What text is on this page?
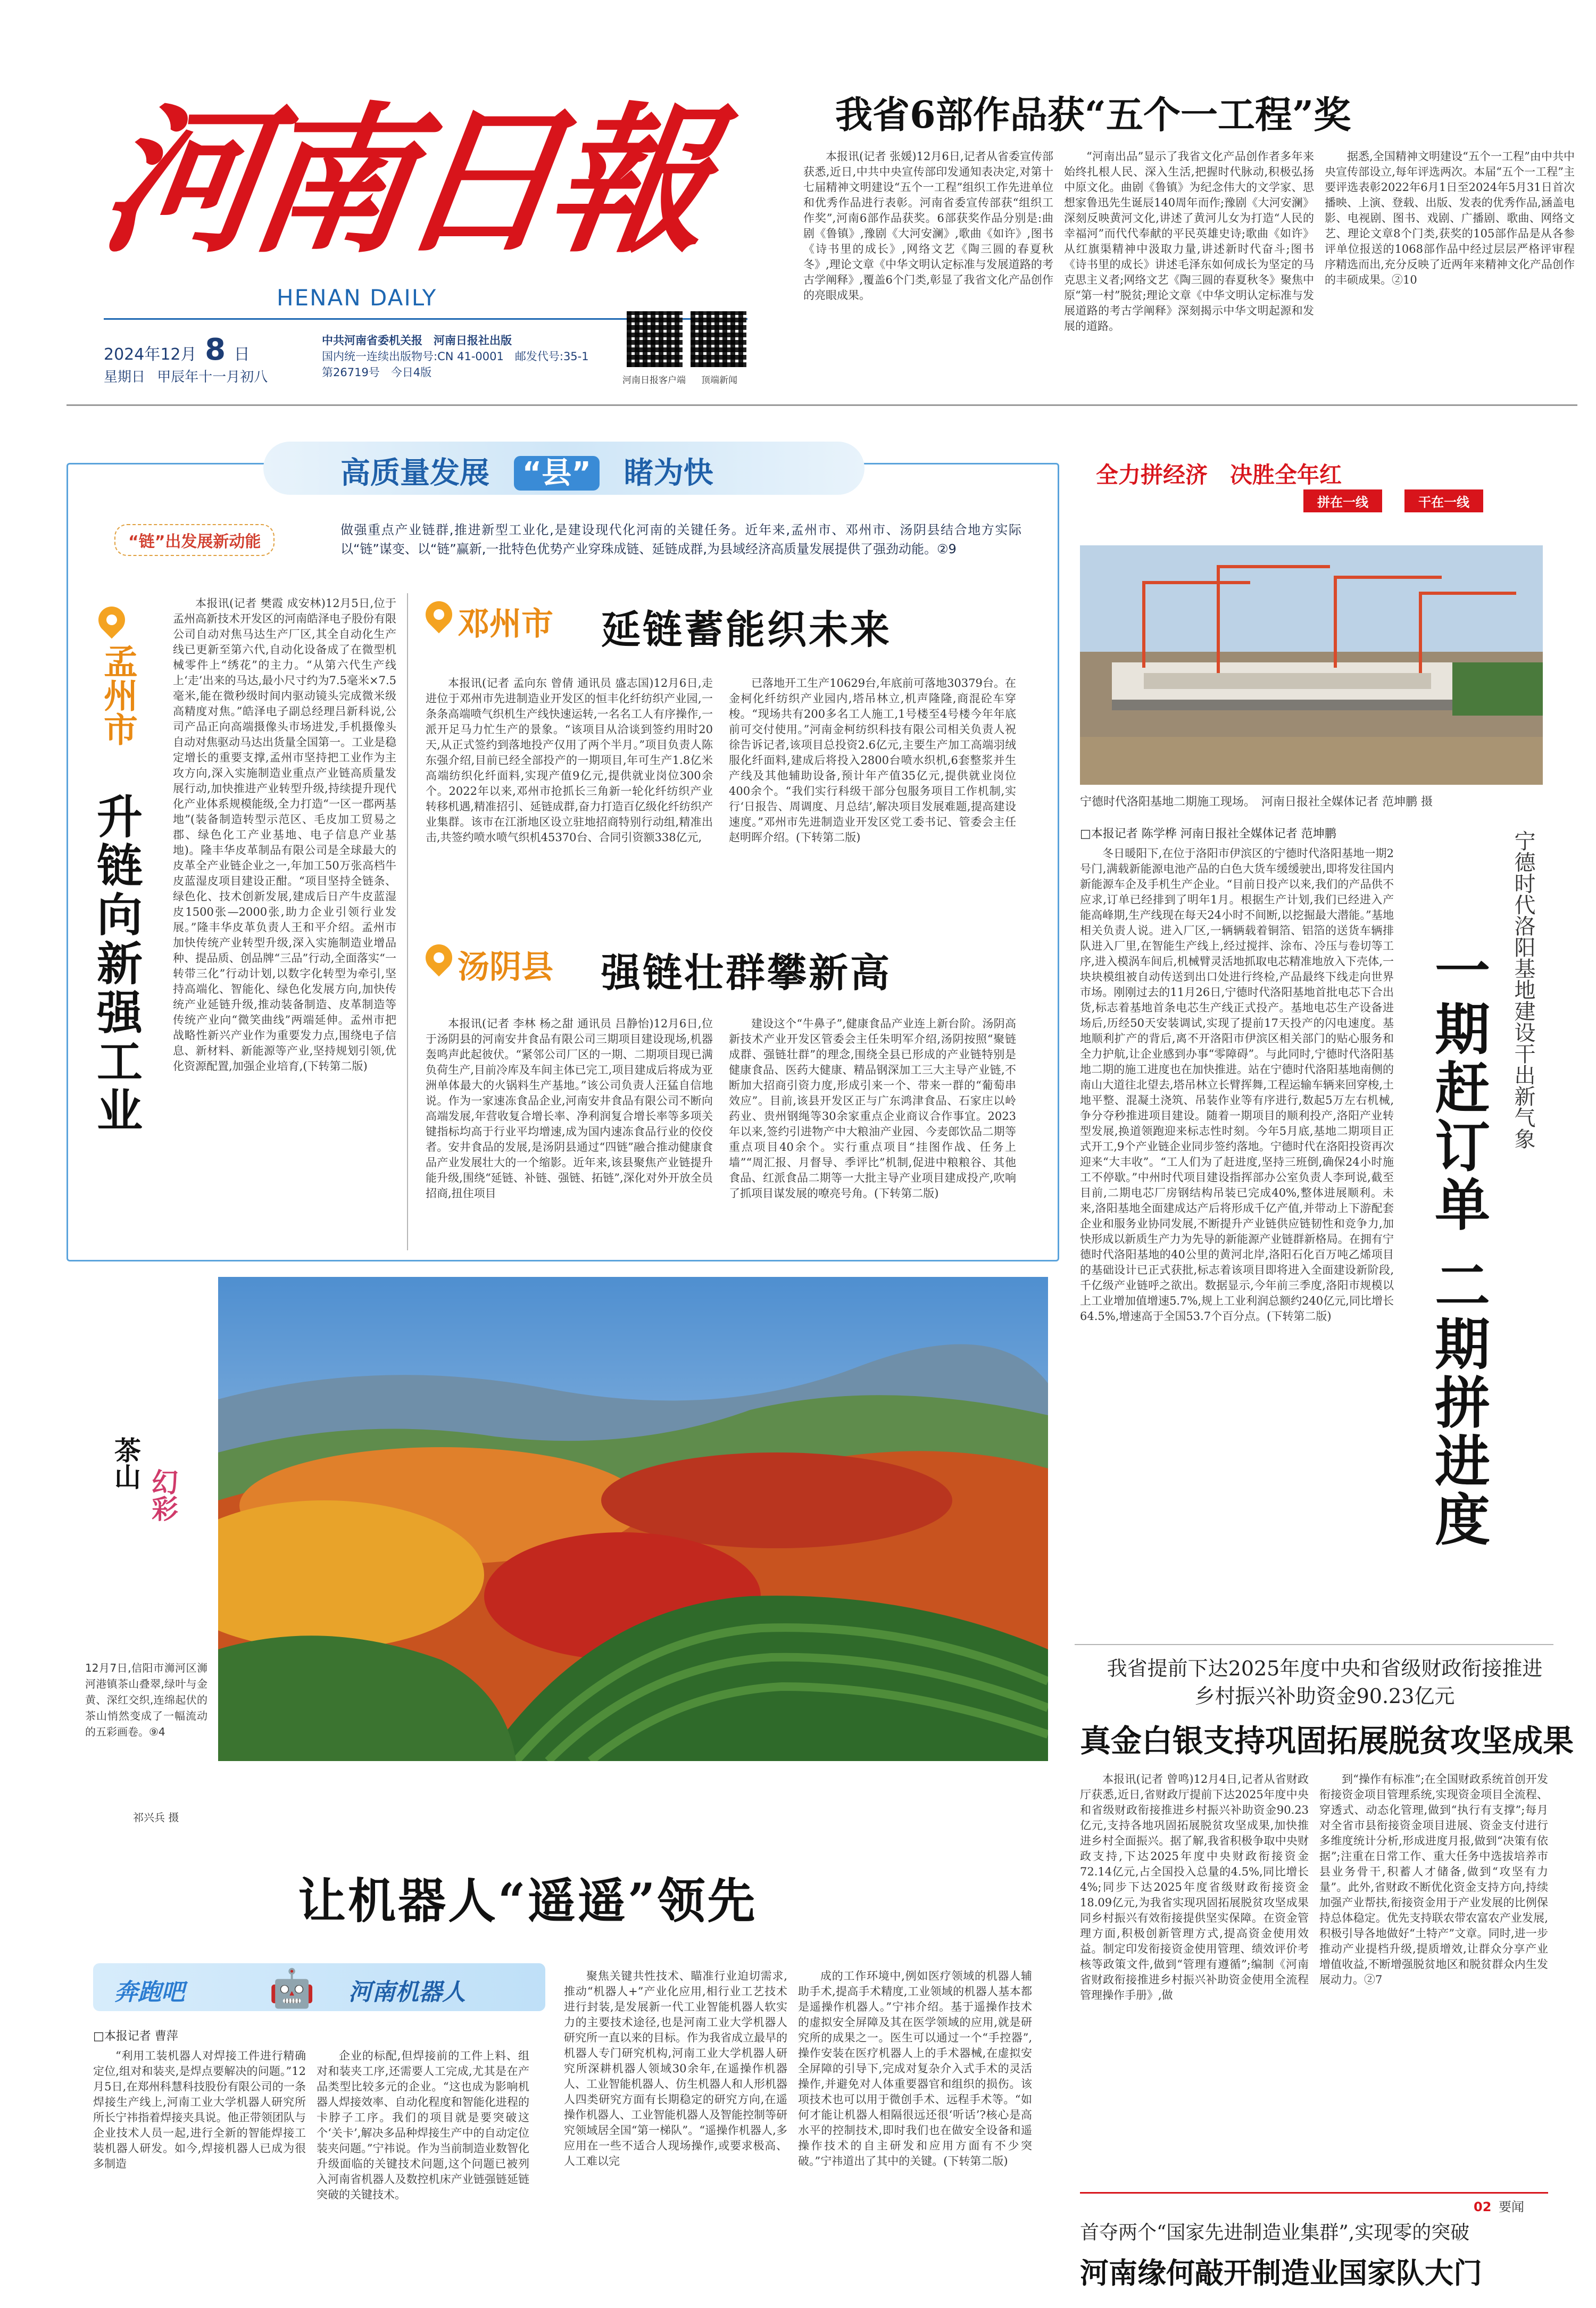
河南日報
HENAN DAILY
2024年12月 8 日
星期日 甲辰年十一月初八
中共河南省委机关报　河南日报社出版
国内统一连续出版物号:CN 41-0001　邮发代号:35-1
第26719号　今日4版
河南日报客户端 顶端新闻
我省6部作品获“五个一工程”奖

本报讯(记者 张媛)12月6日,记者从省委宣传部获悉,近日,中共中央宣传部印发通知表决定,对第十七届精神文明建设“五个一工程”组织工作先进单位和优秀作品进行表彰。河南省委宣传部获“组织工作奖”,河南6部作品获奖。6部获奖作品分别是:曲剧《鲁镇》,豫剧《大河安澜》,歌曲《如许》,图书《诗书里的成长》,网络文艺《陶三圆的春夏秋冬》,理论文章《中华文明认定标准与发展道路的考古学阐释》,覆盖6个门类,彰显了我省文化产品创作的亮眼成果。

“河南出品”显示了我省文化产品创作者多年来始终扎根人民、深入生活,把握时代脉动,积极弘扬中原文化。曲剧《鲁镇》为纪念伟大的文学家、思想家鲁迅先生诞辰140周年而作;豫剧《大河安澜》深刻反映黄河文化,讲述了黄河儿女为打造“人民的幸福河”而代代奉献的平民英雄史诗;歌曲《如许》从红旗渠精神中汲取力量,讲述新时代奋斗;图书《诗书里的成长》讲述毛泽东如何成长为坚定的马克思主义者;网络文艺《陶三圆的春夏秋冬》聚焦中原“第一村”脱贫;理论文章《中华文明认定标准与发展道路的考古学阐释》深刻揭示中华文明起源和发展的道路。

据悉,全国精神文明建设“五个一工程”由中共中央宣传部设立,每年评选两次。本届“五个一工程”主要评选表彰2022年6月1日至2024年5月31日首次播映、上演、登载、出版、发表的优秀作品,涵盖电影、电视剧、图书、戏剧、广播剧、歌曲、网络文艺、理论文章8个门类,获奖的105部作品是从各参评单位报送的1068部作品中经过层层严格评审程序精选而出,充分反映了近两年来精神文化产品创作的丰硕成果。②10

高质量发展 “县” 睹为快
“链”出发展新动能
做强重点产业链群,推进新型工业化,是建设现代化河南的关键任务。近年来,孟州市、邓州市、汤阴县结合地方实际以“链”谋变、以“链”赢新,一批特色优势产业穿珠成链、延链成群,为县域经济高质量发展提供了强劲动能。②9
孟州市
升链向新强工业

本报讯(记者 樊霞 成安林)12月5日,位于孟州高新技术开发区的河南皓泽电子股份有限公司自动对焦马达生产厂区,其全自动化生产线已更新至第六代,自动化设备成了在微型机械零件上“绣花”的主力。“从第六代生产线上‘走’出来的马达,最小尺寸约为7.5毫米×7.5毫米,能在微秒级时间内驱动镜头完成微米级高精度对焦。”皓泽电子副总经理吕新科说,公司产品正向高端摄像头市场进发,手机摄像头自动对焦驱动马达出货量全国第一。工业是稳定增长的重要支撑,孟州市坚持把工业作为主攻方向,深入实施制造业重点产业链高质量发展行动,加快推进产业转型升级,持续提升现代化产业体系规模能级,全力打造“一区一郡两基地”(装备制造转型示范区、毛皮加工贸易之郡、绿色化工产业基地、电子信息产业基地)。隆丰华皮革制品有限公司是全球最大的皮革全产业链企业之一,年加工50万张高档牛皮蓝湿皮项目建设正酣。“项目坚持全链条、绿色化、技术创新发展,建成后日产牛皮蓝湿皮1500张—2000张,助力企业引领行业发展。”隆丰华皮革负责人王和平介绍。孟州市加快传统产业转型升级,深入实施制造业增品种、提品质、创品牌“三品”行动,全面落实“一转带三化”行动计划,以数字化转型为牵引,坚持高端化、智能化、绿色化发展方向,加快传统产业延链升级,推动装备制造、皮革制造等传统产业向“微笑曲线”两端延伸。孟州市把战略性新兴产业作为重要发力点,围绕电子信息、新材料、新能源等产业,坚持规划引领,优化资源配置,加强企业培育,(下转第二版)

邓州市 延链蓄能织未来

本报讯(记者 孟向东 曾倩 通讯员 盛志国)12月6日,走进位于邓州市先进制造业开发区的恒丰化纤纺织产业园,一条条高端喷气织机生产线快速运转,一名名工人有序操作,一派开足马力忙生产的景象。“该项目从洽谈到签约用时20天,从正式签约到落地投产仅用了两个半月。”项目负责人陈东强介绍,目前已经全部投产的一期项目,年可生产1.8亿米高端纺织化纤面料,实现产值9亿元,提供就业岗位300余个。2022年以来,邓州市抢抓长三角新一轮化纤纺织产业转移机遇,精准招引、延链成群,奋力打造百亿级化纤纺织产业集群。该市在江浙地区设立驻地招商特别行动组,精准出击,共签约喷水喷气织机45370台、合同引资额338亿元,

已落地开工生产10629台,年底前可落地30379台。在金柯化纤纺织产业园内,塔吊林立,机声隆隆,商混砼车穿梭。“现场共有200多名工人施工,1号楼至4号楼今年年底前可交付使用。”河南金柯纺织科技有限公司相关负责人祝徐告诉记者,该项目总投资2.6亿元,主要生产加工高端羽绒服化纤面料,建成后将投入2800台喷水织机,6套整浆并生产线及其他辅助设备,预计年产值35亿元,提供就业岗位400余个。“我们实行科级干部分包服务项目工作机制,实行‘日报告、周调度、月总结’,解决项目发展难题,提高建设速度。”邓州市先进制造业开发区党工委书记、管委会主任赵明晖介绍。(下转第二版)

汤阴县 强链壮群攀新高

本报讯(记者 李林 杨之甜 通讯员 吕静怡)12月6日,位于汤阴县的河南安井食品有限公司三期项目建设现场,机器轰鸣声此起彼伏。“紧邻公司厂区的一期、二期项目现已满负荷生产,目前冷库及车间主体已完工,项目建成后将成为亚洲单体最大的火锅料生产基地。”该公司负责人汪猛自信地说。作为一家速冻食品企业,河南安井食品有限公司不断向高端发展,年营收复合增长率、净利润复合增长率等多项关键指标均高于行业平均增速,成为国内速冻食品行业的佼佼者。安井食品的发展,是汤阴县通过“四链”融合推动健康食品产业发展壮大的一个缩影。近年来,该县聚焦产业链提升能升级,围绕“延链、补链、强链、拓链”,深化对外开放全员招商,扭住项目

建设这个“牛鼻子”,健康食品产业连上新台阶。汤阴高新技术产业开发区管委会主任朱明军介绍,汤阴按照“聚链成群、强链壮群”的理念,围绕全县已形成的产业链特别是健康食品、医药大健康、精品钢深加工三大主导产业链,不断加大招商引资力度,形成引来一个、带来一群的“葡萄串效应”。目前,该县开发区正与广东鸿津食品、石家庄以岭药业、贵州钢绳等30余家重点企业商议合作事宜。2023年以来,签约引进物产中大粮油产业园、今麦郎饮品二期等重点项目40余个。实行重点项目“挂图作战、任务上墙”“周汇报、月督导、季评比”机制,促进中粮粮谷、其他食品、红派食品二期等一大批主导产业项目建成投产,吹响了抓项目谋发展的嘹亮号角。(下转第二版)

茶山
幻彩
12月7日,信阳市浉河区浉河港镇茶山叠翠,绿叶与金黄、深红交织,连绵起伏的茶山悄然变成了一幅流动的五彩画卷。⑨4
祁兴兵 摄
让机器人“遥遥”领先
奔跑吧 🤖 河南机器人
□本报记者 曹萍

“利用工装机器人对焊接工件进行精确定位,组对和装夹,是焊点要解决的问题。”12月5日,在郑州科慧科技股份有限公司的一条焊接生产线上,河南工业大学机器人研究所所长宁祎指着焊接夹具说。他正带领团队与企业技术人员一起,进行全新的智能焊接工装机器人研发。如今,焊接机器人已成为很多制造

企业的标配,但焊接前的工件上料、组对和装夹工序,还需要人工完成,尤其是在产品类型比较多元的企业。“这也成为影响机器人焊接效率、自动化程度和智能化进程的卡脖子工序。我们的项目就是要突破这个‘关卡’,解决多品种焊接生产中的自动定位装夹问题。”宁祎说。作为当前制造业数智化升级面临的关键技术问题,这个问题已被列入河南省机器人及数控机床产业链强链延链突破的关键技术。

聚焦关键共性技术、瞄准行业迫切需求,推动“机器人+”产业化应用,相行业工艺技术进行封装,是发展新一代工业智能机器人软实力的主要技术途径,也是河南工业大学机器人研究所一直以来的目标。作为我省成立最早的机器人专门研究机构,河南工业大学机器人研究所深耕机器人领域30余年,在遥操作机器人、工业智能机器人、仿生机器人和人形机器人四类研究方面有长期稳定的研究方向,在遥操作机器人、工业智能机器人及智能控制等研究领域居全国“第一梯队”。“遥操作机器人,多应用在一些不适合人现场操作,或要求极高、人工难以完

成的工作环境中,例如医疗领域的机器人辅助手术,提高手术精度,工业领域的机器人基本都是遥操作机器人。”宁祎介绍。基于遥操作技术的虚拟安全屏障及其在医学领域的应用,就是研究所的成果之一。医生可以通过一个“手控器”,操作安装在医疗机器人上的手术器械,在虚拟安全屏障的引导下,完成对复杂介入式手术的灵活操作,并避免对人体重要器官和组织的损伤。该项技术也可以用于微创手术、远程手术等。“如何才能让机器人相隔很远还很‘听话’?核心是高水平的控制技术,即时我们也在做安全设备和遥操作技术的自主研发和应用方面有不少突破。”宁祎道出了其中的关键。(下转第二版)

全力拼经济　 决胜全年红
拼在一线	干在一线
宁德时代洛阳基地二期施工现场。　河南日报社全媒体记者 范坤鹏 摄
□本报记者 陈学桦 河南日报社全媒体记者 范坤鹏

冬日暖阳下,在位于洛阳市伊滨区的宁德时代洛阳基地一期2号门,满载新能源电池产品的白色大货车缓缓驶出,即将发往国内新能源车企及手机生产企业。“目前日投产以来,我们的产品供不应求,订单已经排到了明年1月。根据生产计划,我们已经进入产能高峰期,生产线现在每天24小时不间断,以挖掘最大潜能。”基地相关负责人说。进入厂区,一辆辆载着铜箔、铝箔的送货车辆排队进入厂里,在智能生产线上,经过搅拌、涂布、冷压与卷切等工序,进入模涡车间后,机械臂灵活地抓取电芯精准地放入下壳体,一块块模组被自动传送到出口处进行终检,产品最终下线走向世界市场。刚刚过去的11月26日,宁德时代洛阳基地首批电芯下合出货,标志着基地首条电芯生产线正式投产。基地电芯生产设备进场后,历经50天安装调试,实现了提前17天投产的闪电速度。基地顺利扩产的背后,离不开洛阳市伊滨区相关部门的贴心服务和全力护航,让企业感到办事“零障碍”。与此同时,宁德时代洛阳基地二期的施工进度也在加快推进。站在宁德时代洛阳基地南侧的南山大道往北望去,塔吊林立长臂挥舞,工程运输车辆来回穿梭,土地平整、混凝土浇筑、吊装作业等有序进行,数起5万左右机械,争分夺秒推进项目建设。随着一期项目的顺利投产,洛阳产业转型发展,换道领跑迎来标志性时刻。今年5月底,基地二期项目正式开工,9个产业链企业同步签约落地。宁德时代在洛阳投资再次迎来“大丰收”。“工人们为了赶进度,坚持三班倒,确保24小时施工不停歇。”中州时代项目建设指挥部办公室负责人李珂说,截至目前,二期电芯厂房钢结构吊装已完成40%,整体进展顺利。未来,洛阳基地全面建成达产后将形成千亿产值,并带动上下游配套企业和服务业协同发展,不断提升产业链供应链韧性和竞争力,加快形成以新质生产力为先导的新能源产业链群新格局。在拥有宁德时代洛阳基地的40公里的黄河北岸,洛阳石化百万吨乙烯项目的基础设计已正式获批,标志着该项目即将进入全面建设新阶段,千亿级产业链呼之欲出。数据显示,今年前三季度,洛阳市规模以上工业增加值增速5.7%,规上工业利润总额约240亿元,同比增长64.5%,增速高于全国53.7个百分点。(下转第二版)

宁德时代洛阳基地建设干出新气象
一期赶订单 二期拼进度
我省提前下达2025年度中央和省级财政衔接推进乡村振兴补助资金90.23亿元
真金白银支持巩固拓展脱贫攻坚成果

本报讯(记者 曾鸣)12月4日,记者从省财政厅获悉,近日,省财政厅提前下达2025年度中央和省级财政衔接推进乡村振兴补助资金90.23亿元,支持各地巩固拓展脱贫攻坚成果,加快推进乡村全面振兴。据了解,我省积极争取中央财政支持,下达2025年度中央财政衔接资金72.14亿元,占全国投入总量的4.5%,同比增长4%;同步下达2025年度省级财政衔接资金18.09亿元,为我省实现巩固拓展脱贫攻坚成果同乡村振兴有效衔接提供坚实保障。在资金管理方面,积极创新管理方式,提高资金使用效益。制定印发衔接资金使用管理、绩效评价考核等政策文件,做到“管理有遵循”;编制《河南省财政衔接推进乡村振兴补助资金使用全流程管理操作手册》,做

到“操作有标准”;在全国财政系统首创开发衔接资金项目管理系统,实现资金项目全流程、穿透式、动态化管理,做到“执行有支撑”;每月对全省市县衔接资金项目进展、资金支付进行多维度统计分析,形成进度月报,做到“决策有依据”;注重在日常工作、重大任务中选拔培养市县业务骨干,积蓄人才储备,做到“攻坚有力量”。此外,省财政不断优化资金支持方向,持续加强产业帮扶,衔接资金用于产业发展的比例保持总体稳定。优先支持联农带农富农产业发展,积极引导各地做好“土特产”文章。同时,进一步推动产业提档升级,提质增效,让群众分享产业增值收益,不断增强脱贫地区和脱贫群众内生发展动力。②7

02 要闻
首夺两个“国家先进制造业集群”,实现零的突破
河南缘何敲开制造业国家队大门
